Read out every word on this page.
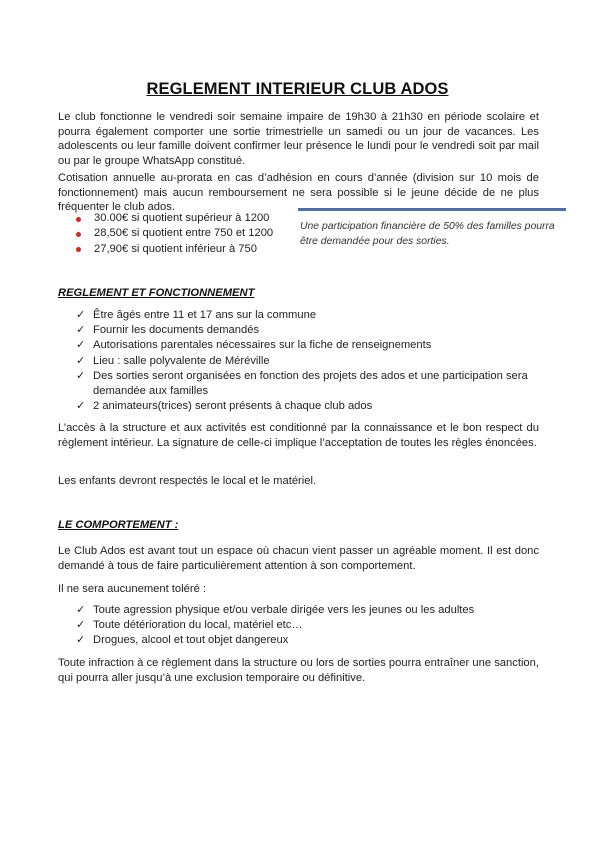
REGLEMENT INTERIEUR CLUB ADOS

Le club fonctionne le vendredi soir semaine impaire de 19h30 à 21h30 en période scolaire et pourra également comporter une sortie trimestrielle un samedi ou un jour de vacances. Les adolescents ou leur famille doivent confirmer leur présence le lundi pour le vendredi soit par mail ou par le groupe WhatsApp constitué.

Cotisation annuelle au-prorata en cas d’adhésion en cours d’année (division sur 10 mois de fonctionnement) mais aucun remboursement ne sera possible si le jeune décide de ne plus fréquenter le club ados.

30.00€ si quotient supérieur à 1200
28,50€ si quotient entre 750 et 1200
27,90€ si quotient inférieur à 750
Une participation financière de 50% des familles pourra être demandée pour des sorties.
REGLEMENT ET FONCTIONNEMENT
✓ Être âgés entre 11 et 17 ans sur la commune
✓ Fournir les documents demandés
✓ Autorisations parentales nécessaires sur la fiche de renseignements
✓ Lieu : salle polyvalente de Méréville
✓ Des sorties seront organisées en fonction des projets des ados et une participation sera demandée aux familles
✓ 2 animateurs(trices) seront présents à chaque club ados

L’accès à la structure et aux activités est conditionné par la connaissance et le bon respect du règlement intérieur. La signature de celle-ci implique l’acceptation de toutes les règles énoncées.

Les enfants devront respectés le local et le matériel.

LE COMPORTEMENT :

Le Club Ados est avant tout un espace où chacun vient passer un agréable moment. Il est donc demandé à tous de faire particulièrement attention à son comportement.

Il ne sera aucunement toléré :

✓ Toute agression physique et/ou verbale dirigée vers les jeunes ou les adultes
✓ Toute détérioration du local, matériel etc…
✓ Drogues, alcool et tout objet dangereux

Toute infraction à ce règlement dans la structure ou lors de sorties pourra entraîner une sanction, qui pourra aller jusqu’à une exclusion temporaire ou définitive.
